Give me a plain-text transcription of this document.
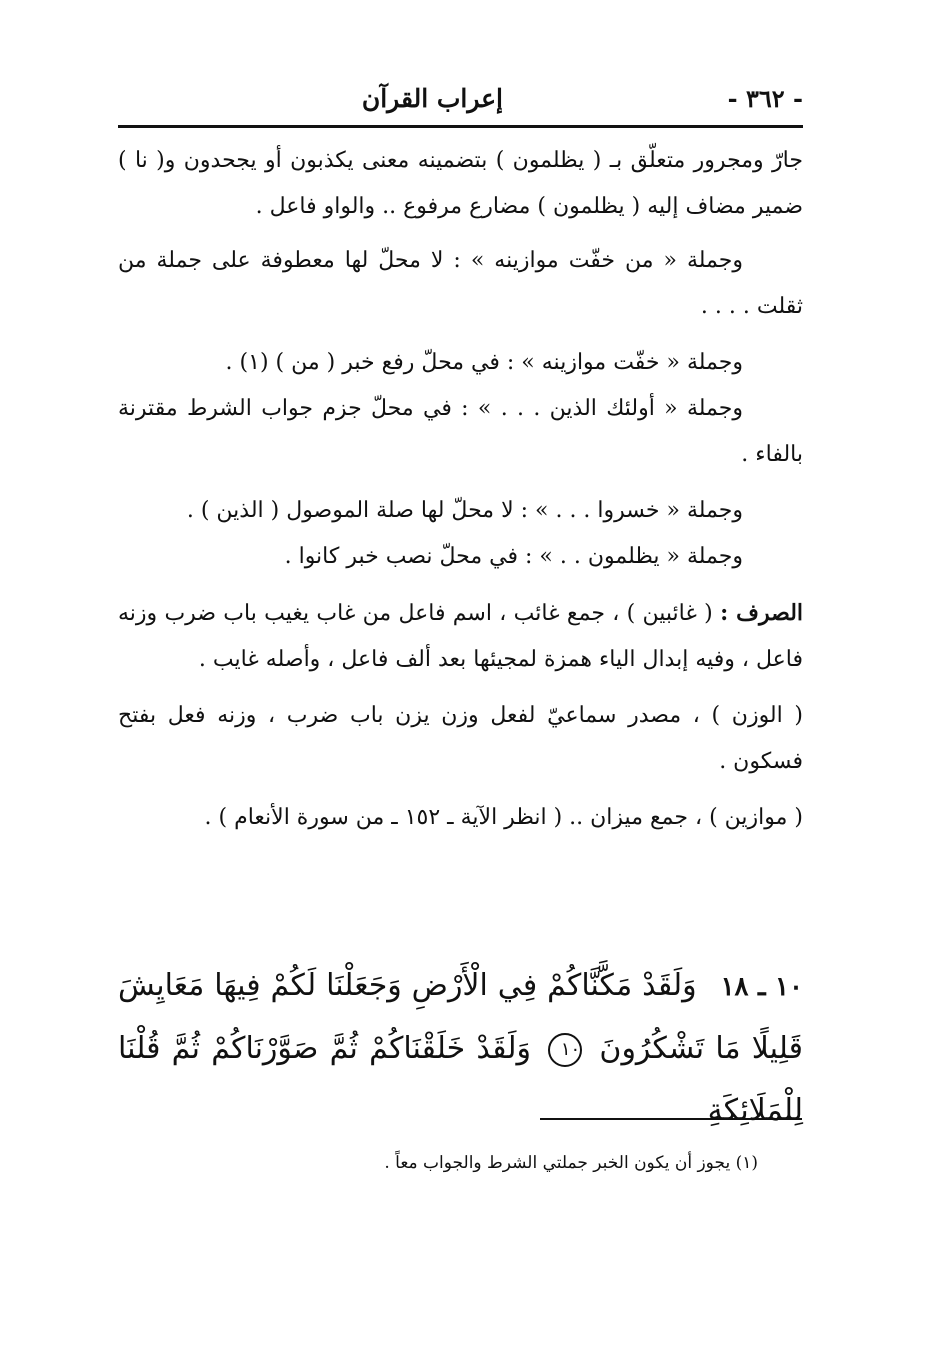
- ٣٦٢ -
إعراب القرآن

جارّ ومجرور متعلّق بـ ( يظلمون ) بتضمينه معنى يكذبون أو يجحدون و( نا ) ضمير مضاف إليه ( يظلمون ) مضارع مرفوع .. والواو فاعل .

وجملة « من خفّت موازينه » : لا محلّ لها معطوفة على جملة من ثقلت . . . .

وجملة « خفّت موازينه » : في محلّ رفع خبر ( من ) (١) .

وجملة « أولئك الذين . . . » : في محلّ جزم جواب الشرط مقترنة بالفاء .

وجملة « خسروا . . . » : لا محلّ لها صلة الموصول ( الذين ) .

وجملة « يظلمون . . » : في محلّ نصب خبر كانوا .

الصرف : ( غائبين ) ، جمع غائب ، اسم فاعل من غاب يغيب باب ضرب وزنه فاعل ، وفيه إبدال الياء همزة لمجيئها بعد ألف فاعل ، وأصله غايب .

( الوزن ) ، مصدر سماعيّ لفعل وزن يزن باب ضرب ، وزنه فعل بفتح فسكون .

( موازين ) ، جمع ميزان .. ( انظر الآية ـ ١٥٢ ـ من سورة الأنعام ) .

١٠ ـ ١٨ وَلَقَدْ مَكَّنَّاكُمْ فِي الْأَرْضِ وَجَعَلْنَا لَكُمْ فِيهَا مَعَايِشَ قَلِيلًا مَا تَشْكُرُونَ ١٠ وَلَقَدْ خَلَقْنَاكُمْ ثُمَّ صَوَّرْنَاكُمْ ثُمَّ قُلْنَا لِلْمَلَائِكَةِ
(١) يجوز أن يكون الخبر جملتي الشرط والجواب معاً .
